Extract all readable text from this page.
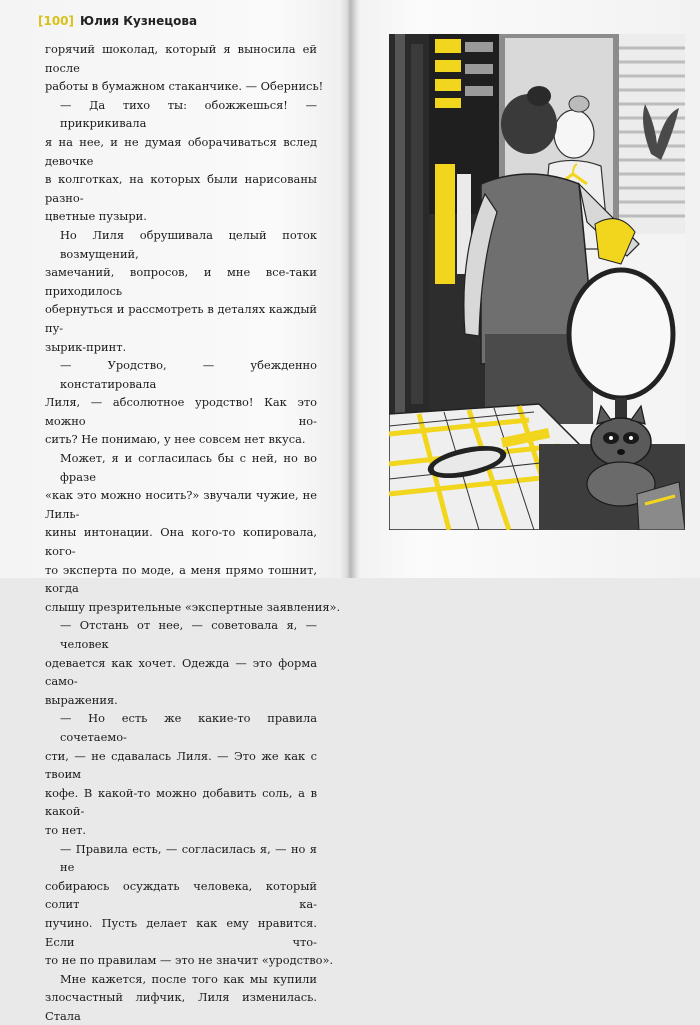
[100] Юлия Кузнецова
горячий шоколад, который я выносила ей после
работы в бумажном стаканчике. — Обернись!
— Да тихо ты: обожжешься! — прикрикивала
я на нее, и не думая оборачиваться вслед девочке
в колготках, на которых были нарисованы разно-
цветные пузыри.
Но Лиля обрушивала целый поток возмущений,
замечаний, вопросов, и мне все-таки приходилось
обернуться и рассмотреть в деталях каждый пу-
зырик-принт.
— Уродство, — убежденно констатировала
Лиля, — абсолютное уродство! Как это можно но-
сить? Не понимаю, у нее совсем нет вкуса.
Может, я и согласилась бы с ней, но во фразе
«как это можно носить?» звучали чужие, не Лиль-
кины интонации. Она кого-то копировала, кого-
то эксперта по моде, а меня прямо тошнит, когда
слышу презрительные «экспертные заявления».
— Отстань от нее, — советовала я, — человек
одевается как хочет. Одежда — это форма само-
выражения.
— Но есть же какие-то правила сочетаемо-
сти, — не сдавалась Лиля. — Это же как с твоим
кофе. В какой-то можно добавить соль, а в какой-
то нет.
— Правила есть, — согласилась я, — но я не
собираюсь осуждать человека, который солит ка-
пучино. Пусть делает как ему нравится. Если что-
то не по правилам — это не значит «уродство».
Мне кажется, после того как мы купили
злосчастный лифчик, Лиля изменилась. Стала
